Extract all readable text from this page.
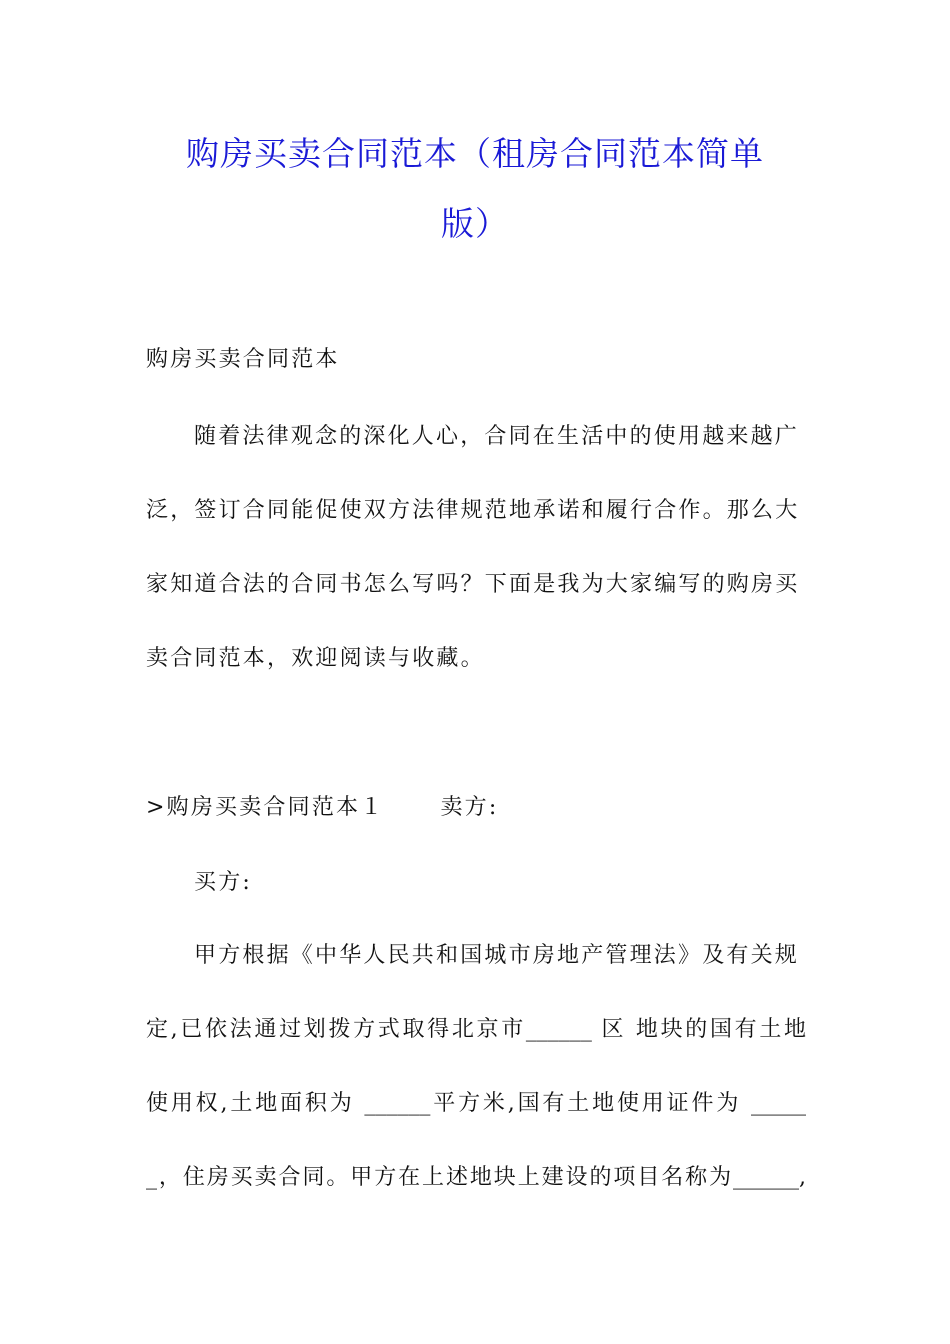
购房买卖合同范本（租房合同范本简单
版）
购房买卖合同范本
随着法律观念的深化人心，合同在生活中的使用越来越广
泛，签订合同能促使双方法律规范地承诺和履行合作。那么大
家知道合法的合同书怎么写吗？下面是我为大家编写的购房买
卖合同范本，欢迎阅读与收藏。
>购房买卖合同范本１	卖方:
买方:
甲方根据《中华人民共和国城市房地产管理法》及有关规
定,已依法通过划拨方式取得北京市______ 区 地块的国有土地
使用权,土地面积为 ______平方米,国有土地使用证件为 _____
_，住房买卖合同。甲方在上述地块上建设的项目名称为______,
